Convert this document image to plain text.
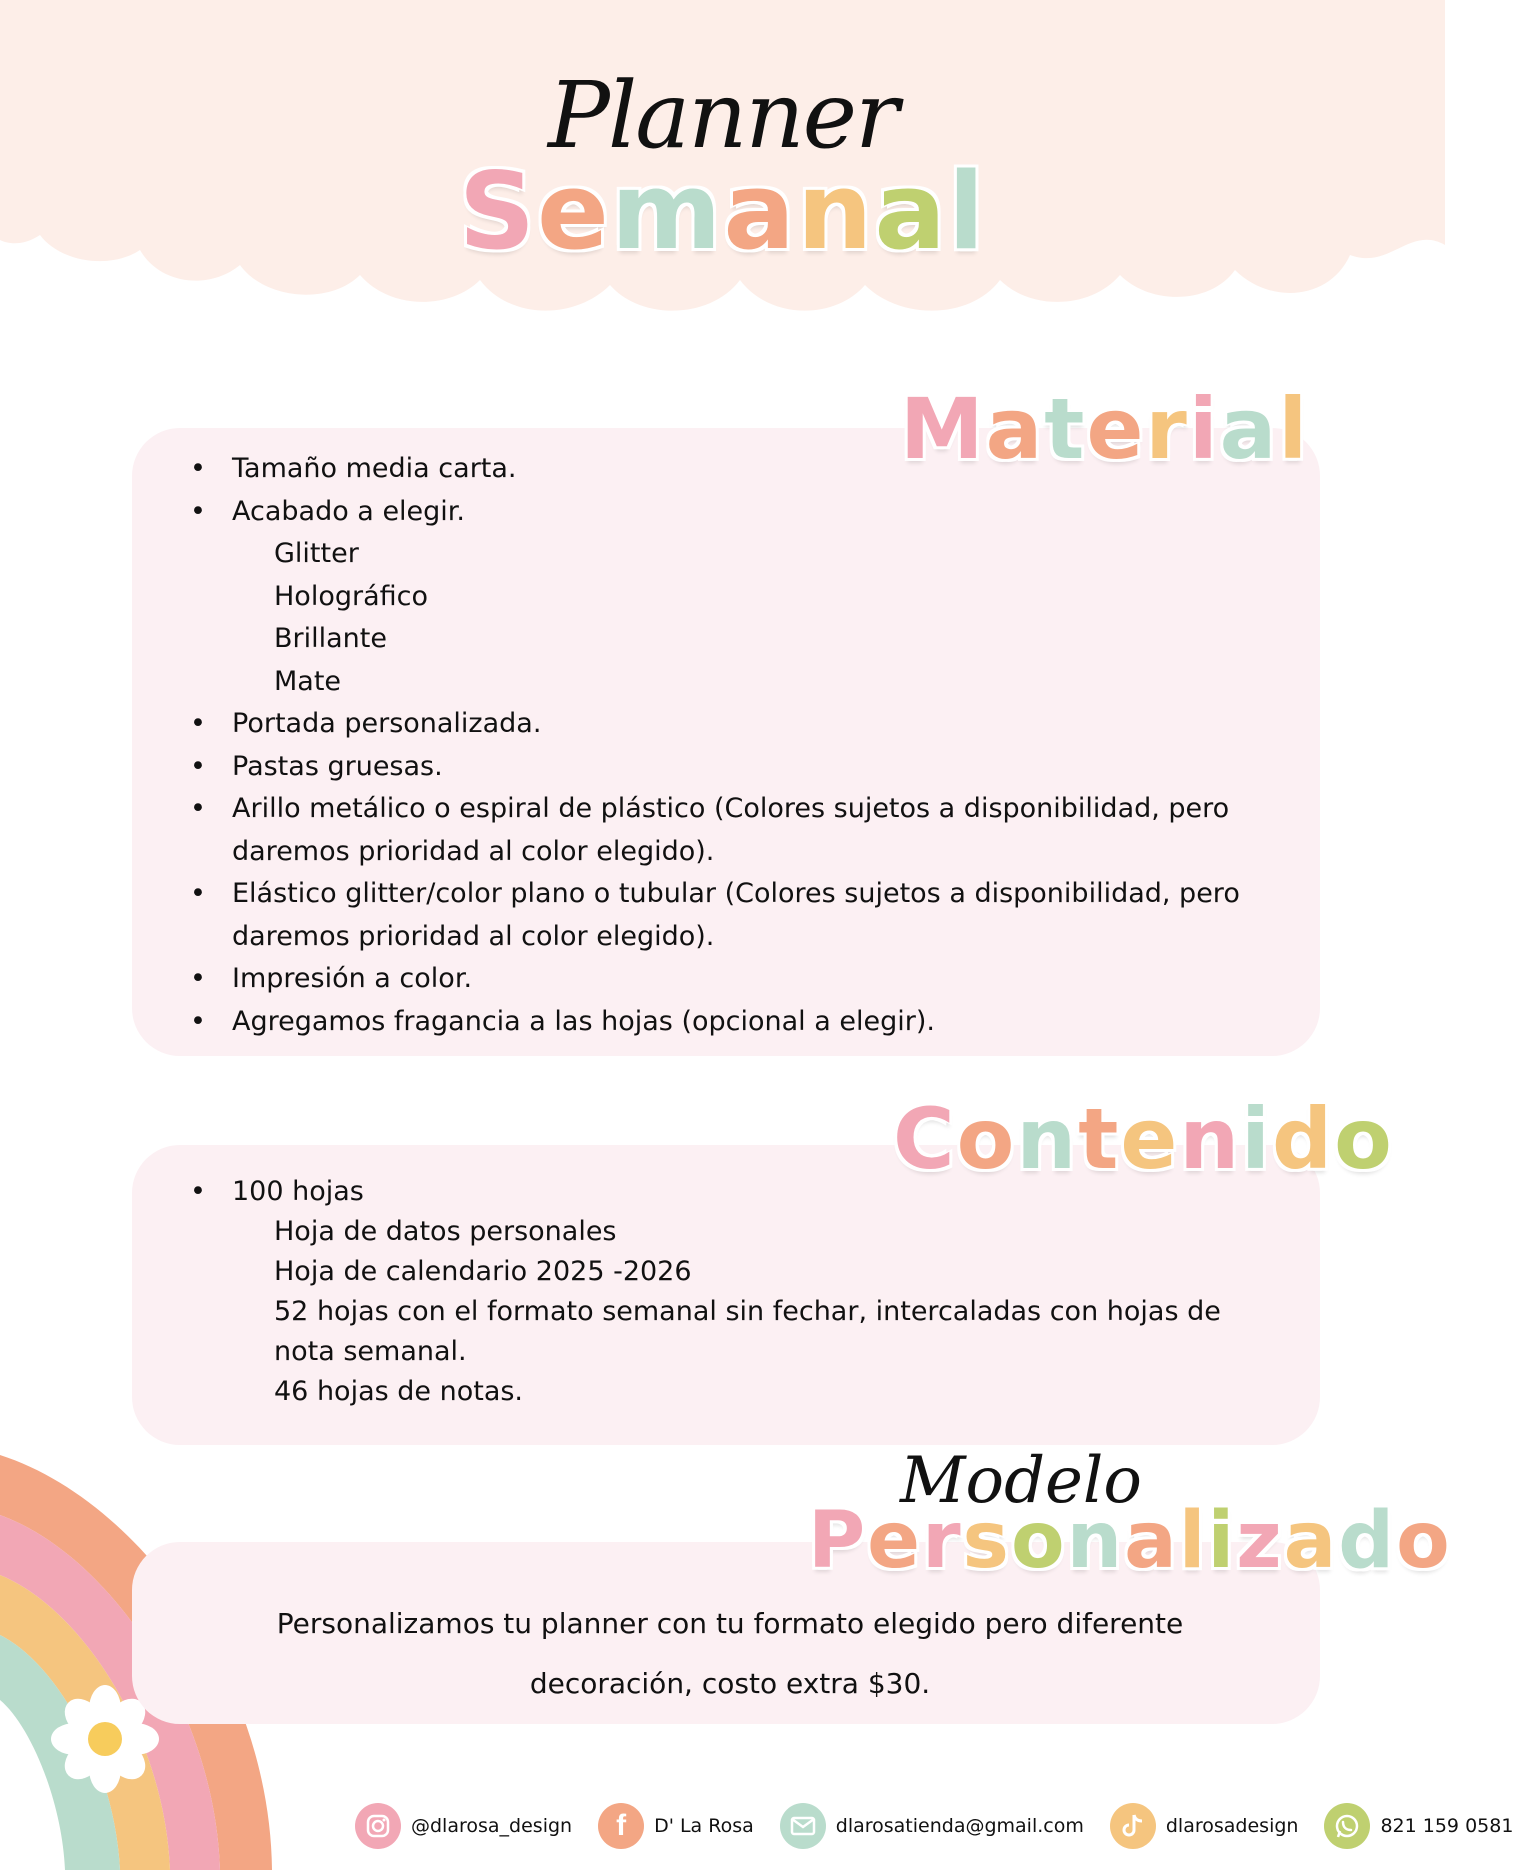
Planner
Semanal
Material
• Tamaño media carta.
• Acabado a elegir.
Glitter
Holográfico
Brillante
Mate
• Portada personalizada.
• Pastas gruesas.
• Arillo metálico o espiral de plástico (Colores sujetos a disponibilidad, pero daremos prioridad al color elegido).
• Elástico glitter/color plano o tubular (Colores sujetos a disponibilidad, pero daremos prioridad al color elegido).
• Impresión a color.
• Agregamos fragancia a las hojas (opcional a elegir).
Contenido
• 100 hojas
Hoja de datos personales
Hoja de calendario 2025 -2026
52 hojas con el formato semanal sin fechar, intercaladas con hojas de nota semanal.
46 hojas de notas.
Modelo
Personalizado
Personalizamos tu planner con tu formato elegido pero diferente
decoración, costo extra $30.
@dlarosa_design f D' La Rosa	dlarosatienda@gmail.com	dlarosadesign	821 159 0581
